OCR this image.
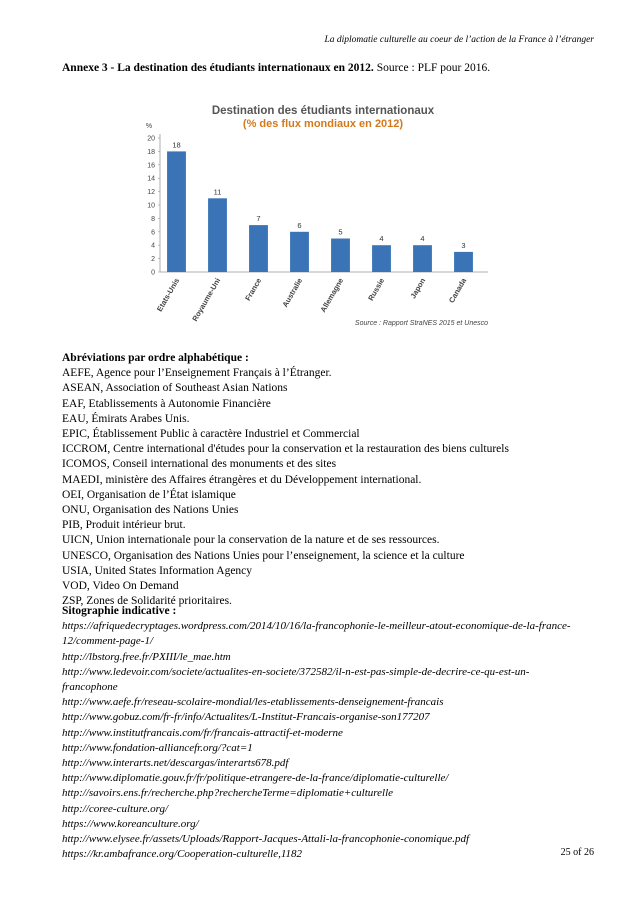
La diplomatie culturelle au coeur de l’action de la France à l’étranger
Annexe 3 - La destination des étudiants internationaux en 2012. Source : PLF pour 2016.
Destination des étudiants internationaux
(% des flux mondiaux en 2012)
%
0
2
4
6
8
10
12
14
16
18
20
18
Etats-Unis
11
Royaume-Uni
7
France
6
Australie
5
Allemagne
4
Russie
4
Japon
3
Canada
Source : Rapport StraNES 2015 et Unesco
Abréviations par ordre alphabétique :
AEFE, Agence pour l’Enseignement Français à l’Étranger.
ASEAN, Association of Southeast Asian Nations
EAF, Etablissements à Autonomie Financière
EAU, Émirats Arabes Unis.
EPIC, Établissement Public à caractère Industriel et Commercial
ICCROM, Centre international d'études pour la conservation et la restauration des biens culturels
ICOMOS, Conseil international des monuments et des sites
MAEDI, ministère des Affaires étrangères et du Développement international.
OEI, Organisation de l’État islamique
ONU, Organisation des Nations Unies
PIB, Produit intérieur brut.
UICN, Union internationale pour la conservation de la nature et de ses ressources.
UNESCO, Organisation des Nations Unies pour l’enseignement, la science et la culture
USIA, United States Information Agency
VOD, Video On Demand
ZSP, Zones de Solidarité prioritaires.
Sitographie indicative :
https://afriquedecryptages.wordpress.com/2014/10/16/la-francophonie-le-meilleur-atout-economique-de-la-france-12/comment-page-1/
http://lbstorg.free.fr/PXIII/le_mae.htm
http://www.ledevoir.com/societe/actualites-en-societe/372582/il-n-est-pas-simple-de-decrire-ce-qu-est-un-francophone
http://www.aefe.fr/reseau-scolaire-mondial/les-etablissements-denseignement-francais
http://www.gobuz.com/fr-fr/info/Actualites/L-Institut-Francais-organise-son177207
http://www.institutfrancais.com/fr/francais-attractif-et-moderne
http://www.fondation-alliancefr.org/?cat=1
http://www.interarts.net/descargas/interarts678.pdf
http://www.diplomatie.gouv.fr/fr/politique-etrangere-de-la-france/diplomatie-culturelle/
http://savoirs.ens.fr/recherche.php?rechercheTerme=diplomatie+culturelle
http://coree-culture.org/
https://www.koreanculture.org/
http://www.elysee.fr/assets/Uploads/Rapport-Jacques-Attali-la-francophonie-conomique.pdf
https://kr.ambafrance.org/Cooperation-culturelle,1182	25 of 26
